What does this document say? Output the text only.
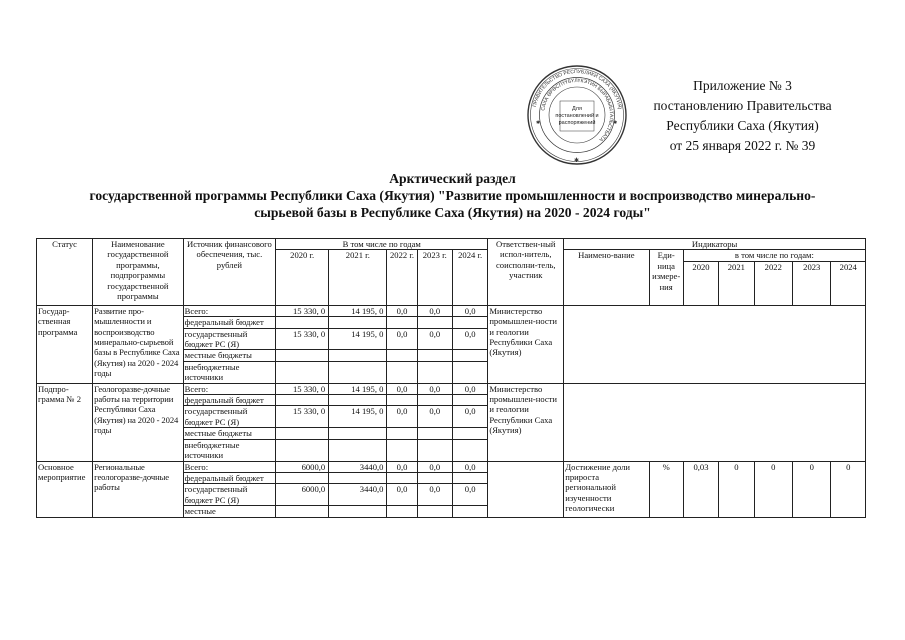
ПРАВИТЕЛЬСТВО РЕСПУБЛИКИ САХА (ЯКУТИЯ)
САХА ӨРӨСПҮҮБҮЛҮКЭТИН БЫРАБЫЫТАЛЬСТБАТА
✱
✱	✱
Для
постановлений и
распоряжений
Приложение № 3
постановлению Правительства
Республики Саха (Якутия)
от 25 января 2022 г. № 39
Арктический раздел
государственной программы Республики Саха (Якутия) "Развитие промышленности и воспроизводство минерально-
сырьевой базы в Республике Саха (Якутия) на 2020 - 2024 годы"
Статус	Наименование государственной программы, подпрограммы государственной программы	Источник финансового обеспечения, тыс. рублей	В том числе по годам					Ответствен-ный испол-нитель, соисполни-тель, участник	Индикаторы						
			2020 г.	2021 г.	2022 г.	2023 г.	2024 г.		Наимено-вание	Еди-ница измере-ния	в том числе по годам:				
											2020	2021	2022	2023	2024
Государ-ственная программа	Развитие про-мышленности и воспроизводство минерально-сырьевой базы в Республике Саха (Якутия) на 2020 - 2024 годы	Всего:	15 330, 0	14 195, 0	0,0	0,0	0,0	Министерство промышлен-ности и геологии Республики Саха (Якутия)							
		федеральный бюджет													
		государственный бюджет РС (Я)	15 330, 0	14 195, 0	0,0	0,0	0,0								
		местные бюджеты													
		внебюджетные источники													
Подпро-грамма № 2	Геологоразве-дочные работы на территории Республики Саха (Якутия) на 2020 - 2024 годы	Всего:	15 330, 0	14 195, 0	0,0	0,0	0,0	Министерство промышлен-ности и геологии Республики Саха (Якутия)							
		федеральный бюджет													
		государственный бюджет РС (Я)	15 330, 0	14 195, 0	0,0	0,0	0,0								
		местные бюджеты													
		внебюджетные источники													
Основное мероприятие	Региональные геологоразве-дочные работы	Всего:	6000,0	3440,0	0,0	0,0	0,0		Достижение доли прироста региональной изученности геологически	%	0,03	0	0	0	0
		федеральный бюджет													
		государственный бюджет РС (Я)	6000,0	3440,0	0,0	0,0	0,0								
		местные													
